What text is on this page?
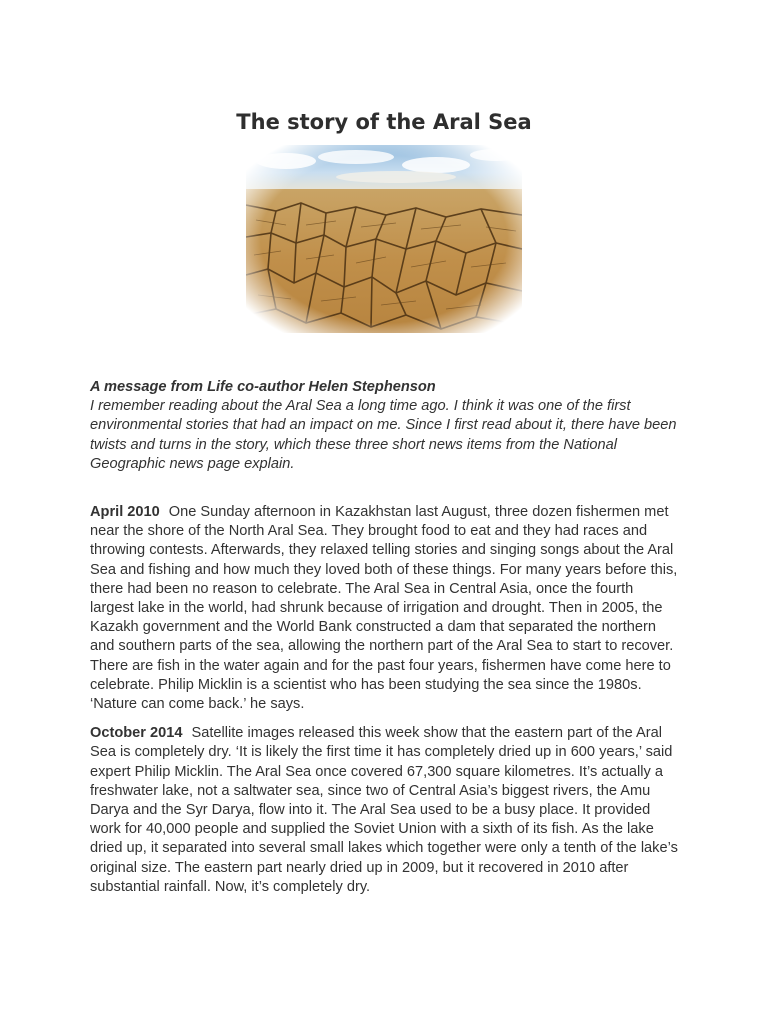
The story of the Aral Sea

A message from Life co-author Helen Stephenson

I remember reading about the Aral Sea a long time ago. I think it was one of the first environmental stories that had an impact on me. Since I first read about it, there have been twists and turns in the story, which these three short news items from the National Geographic news page explain.

April 2010 One Sunday afternoon in Kazakhstan last August, three dozen fishermen met near the shore of the North Aral Sea. They brought food to eat and they had races and throwing contests. Afterwards, they relaxed telling stories and singing songs about the Aral Sea and fishing and how much they loved both of these things. For many years before this, there had been no reason to celebrate. The Aral Sea in Central Asia, once the fourth largest lake in the world, had shrunk because of irrigation and drought. Then in 2005, the Kazakh government and the World Bank constructed a dam that separated the northern and southern parts of the sea, allowing the northern part of the Aral Sea to start to recover. There are fish in the water again and for the past four years, fishermen have come here to celebrate. Philip Micklin is a scientist who has been studying the sea since the 1980s. ‘Nature can come back.’ he says.

October 2014 Satellite images released this week show that the eastern part of the Aral Sea is completely dry. ‘It is likely the first time it has completely dried up in 600 years,’ said expert Philip Micklin. The Aral Sea once covered 67,300 square kilometres. It’s actually a freshwater lake, not a saltwater sea, since two of Central Asia’s biggest rivers, the Amu Darya and the Syr Darya, flow into it. The Aral Sea used to be a busy place. It provided work for 40,000 people and supplied the Soviet Union with a sixth of its fish. As the lake dried up, it separated into several small lakes which together were only a tenth of the lake’s original size. The eastern part nearly dried up in 2009, but it recovered in 2010 after substantial rainfall. Now, it’s completely dry.
